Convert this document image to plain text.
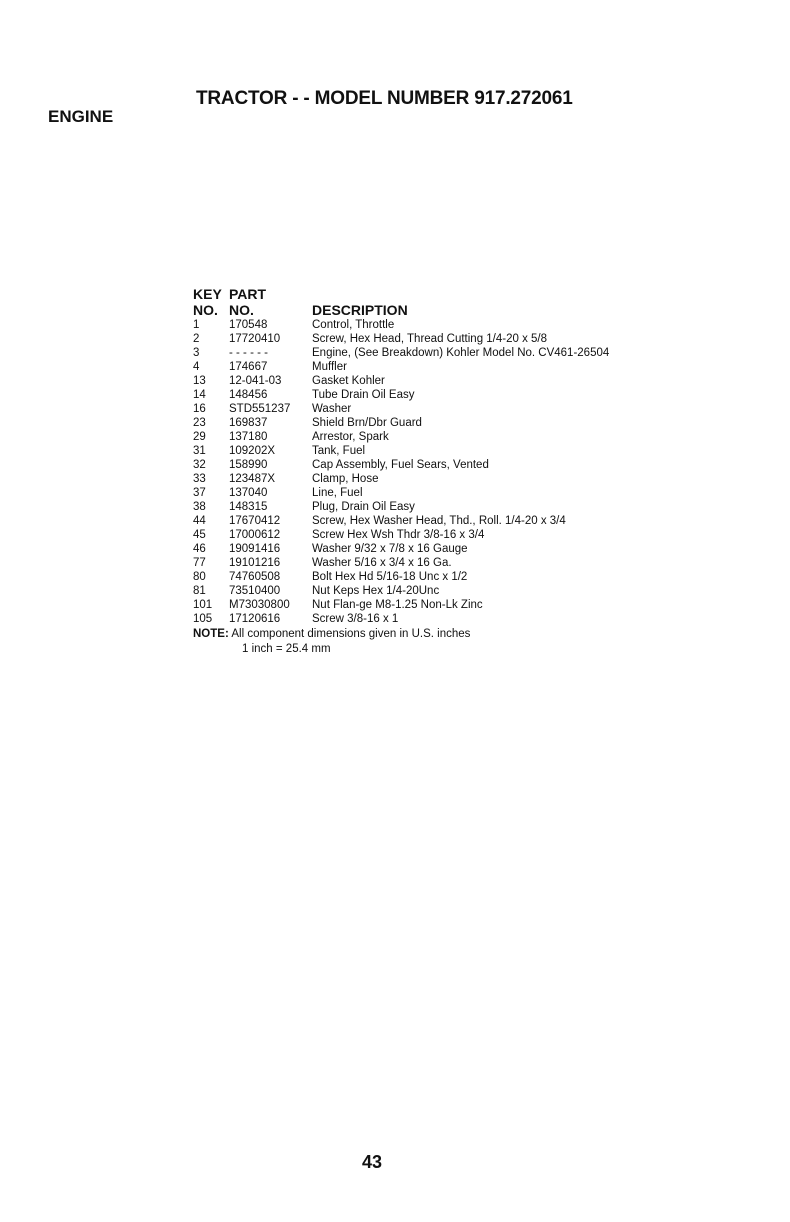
TRACTOR - - MODEL NUMBER 917.272061
ENGINE
KEY PART
NO. NO.	DESCRIPTION
1	170548	Control, Throttle
2	17720410	Screw, Hex Head, Thread Cutting 1/4-20 x 5/8
3	- - - - - -	Engine, (See Breakdown) Kohler Model No. CV461-26504
4	174667	Muffler
13	12-041-03	Gasket Kohler
14	148456	Tube Drain Oil Easy
16	STD551237	Washer
23	169837	Shield Brn/Dbr Guard
29	137180	Arrestor, Spark
31	109202X	Tank, Fuel
32	158990	Cap Assembly, Fuel Sears, Vented
33	123487X	Clamp, Hose
37	137040	Line, Fuel
38	148315	Plug, Drain Oil Easy
44	17670412	Screw, Hex Washer Head, Thd., Roll. 1/4-20 x 3/4
45	17000612	Screw Hex Wsh Thdr 3/8-16 x 3/4
46	19091416	Washer 9/32 x 7/8 x 16 Gauge
77	19101216	Washer 5/16 x 3/4 x 16 Ga.
80	74760508	Bolt Hex Hd 5/16-18 Unc x 1/2
81	73510400	Nut Keps Hex 1/4-20Unc
101	M73030800	Nut Flan-ge M8-1.25 Non-Lk Zinc
105	17120616	Screw 3/8-16 x 1
NOTE: All component dimensions given in U.S. inches
1 inch = 25.4 mm
43
